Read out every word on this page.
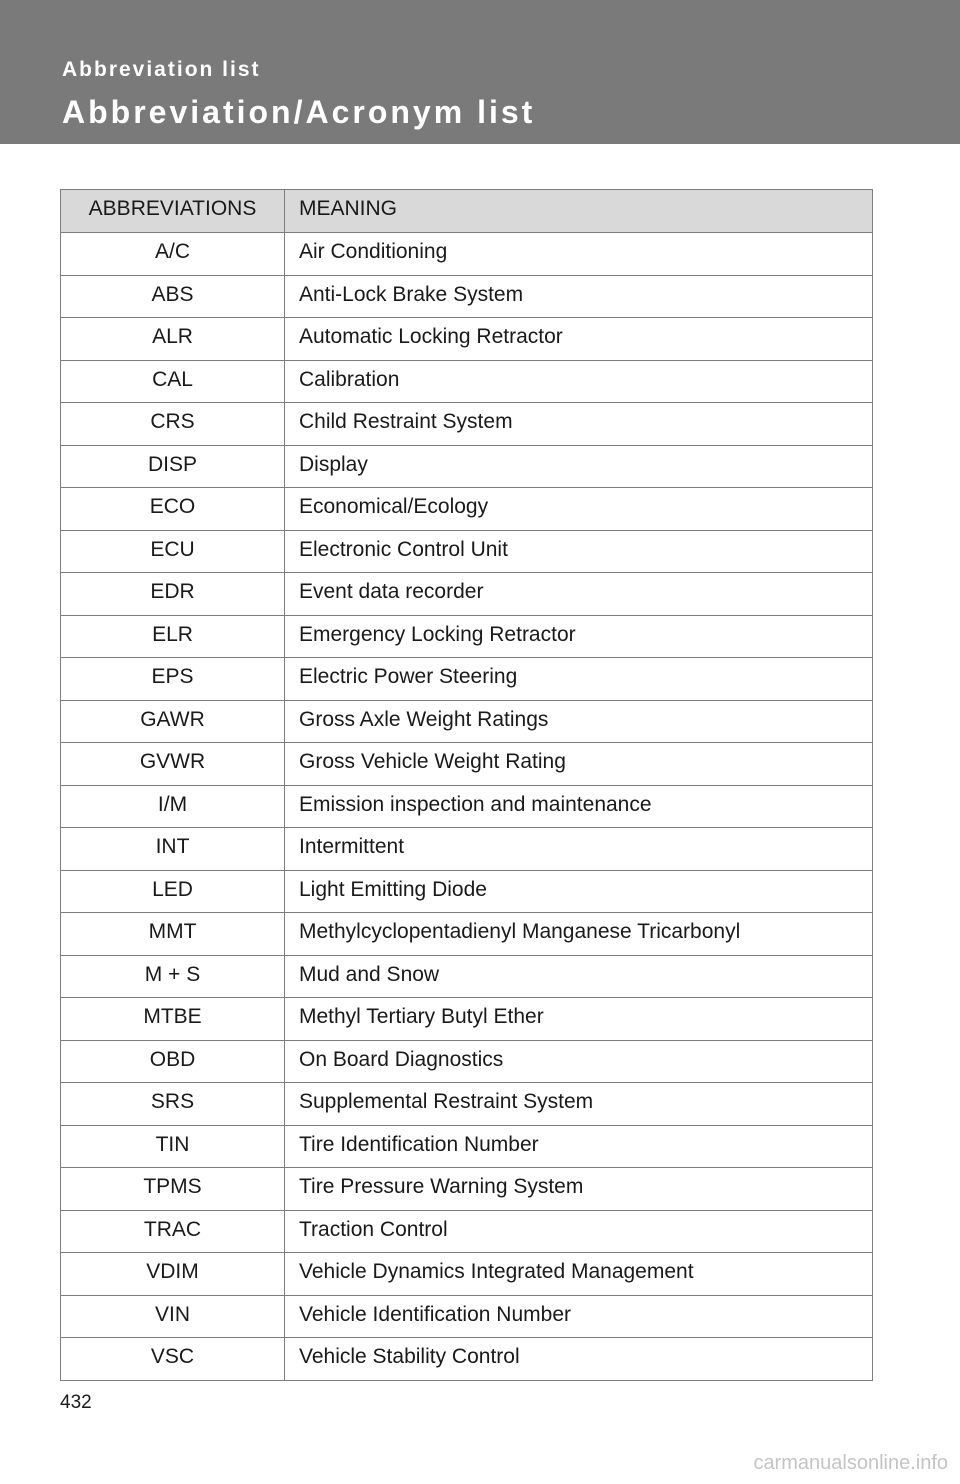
Abbreviation list
Abbreviation/Acronym list
ABBREVIATIONS	MEANING
A/C	Air Conditioning
ABS	Anti-Lock Brake System
ALR	Automatic Locking Retractor
CAL	Calibration
CRS	Child Restraint System
DISP	Display
ECO	Economical/Ecology
ECU	Electronic Control Unit
EDR	Event data recorder
ELR	Emergency Locking Retractor
EPS	Electric Power Steering
GAWR	Gross Axle Weight Ratings
GVWR	Gross Vehicle Weight Rating
I/M	Emission inspection and maintenance
INT	Intermittent
LED	Light Emitting Diode
MMT	Methylcyclopentadienyl Manganese Tricarbonyl
M + S	Mud and Snow
MTBE	Methyl Tertiary Butyl Ether
OBD	On Board Diagnostics
SRS	Supplemental Restraint System
TIN	Tire Identification Number
TPMS	Tire Pressure Warning System
TRAC	Traction Control
VDIM	Vehicle Dynamics Integrated Management
VIN	Vehicle Identification Number
VSC	Vehicle Stability Control
432
carmanualsonline.info
